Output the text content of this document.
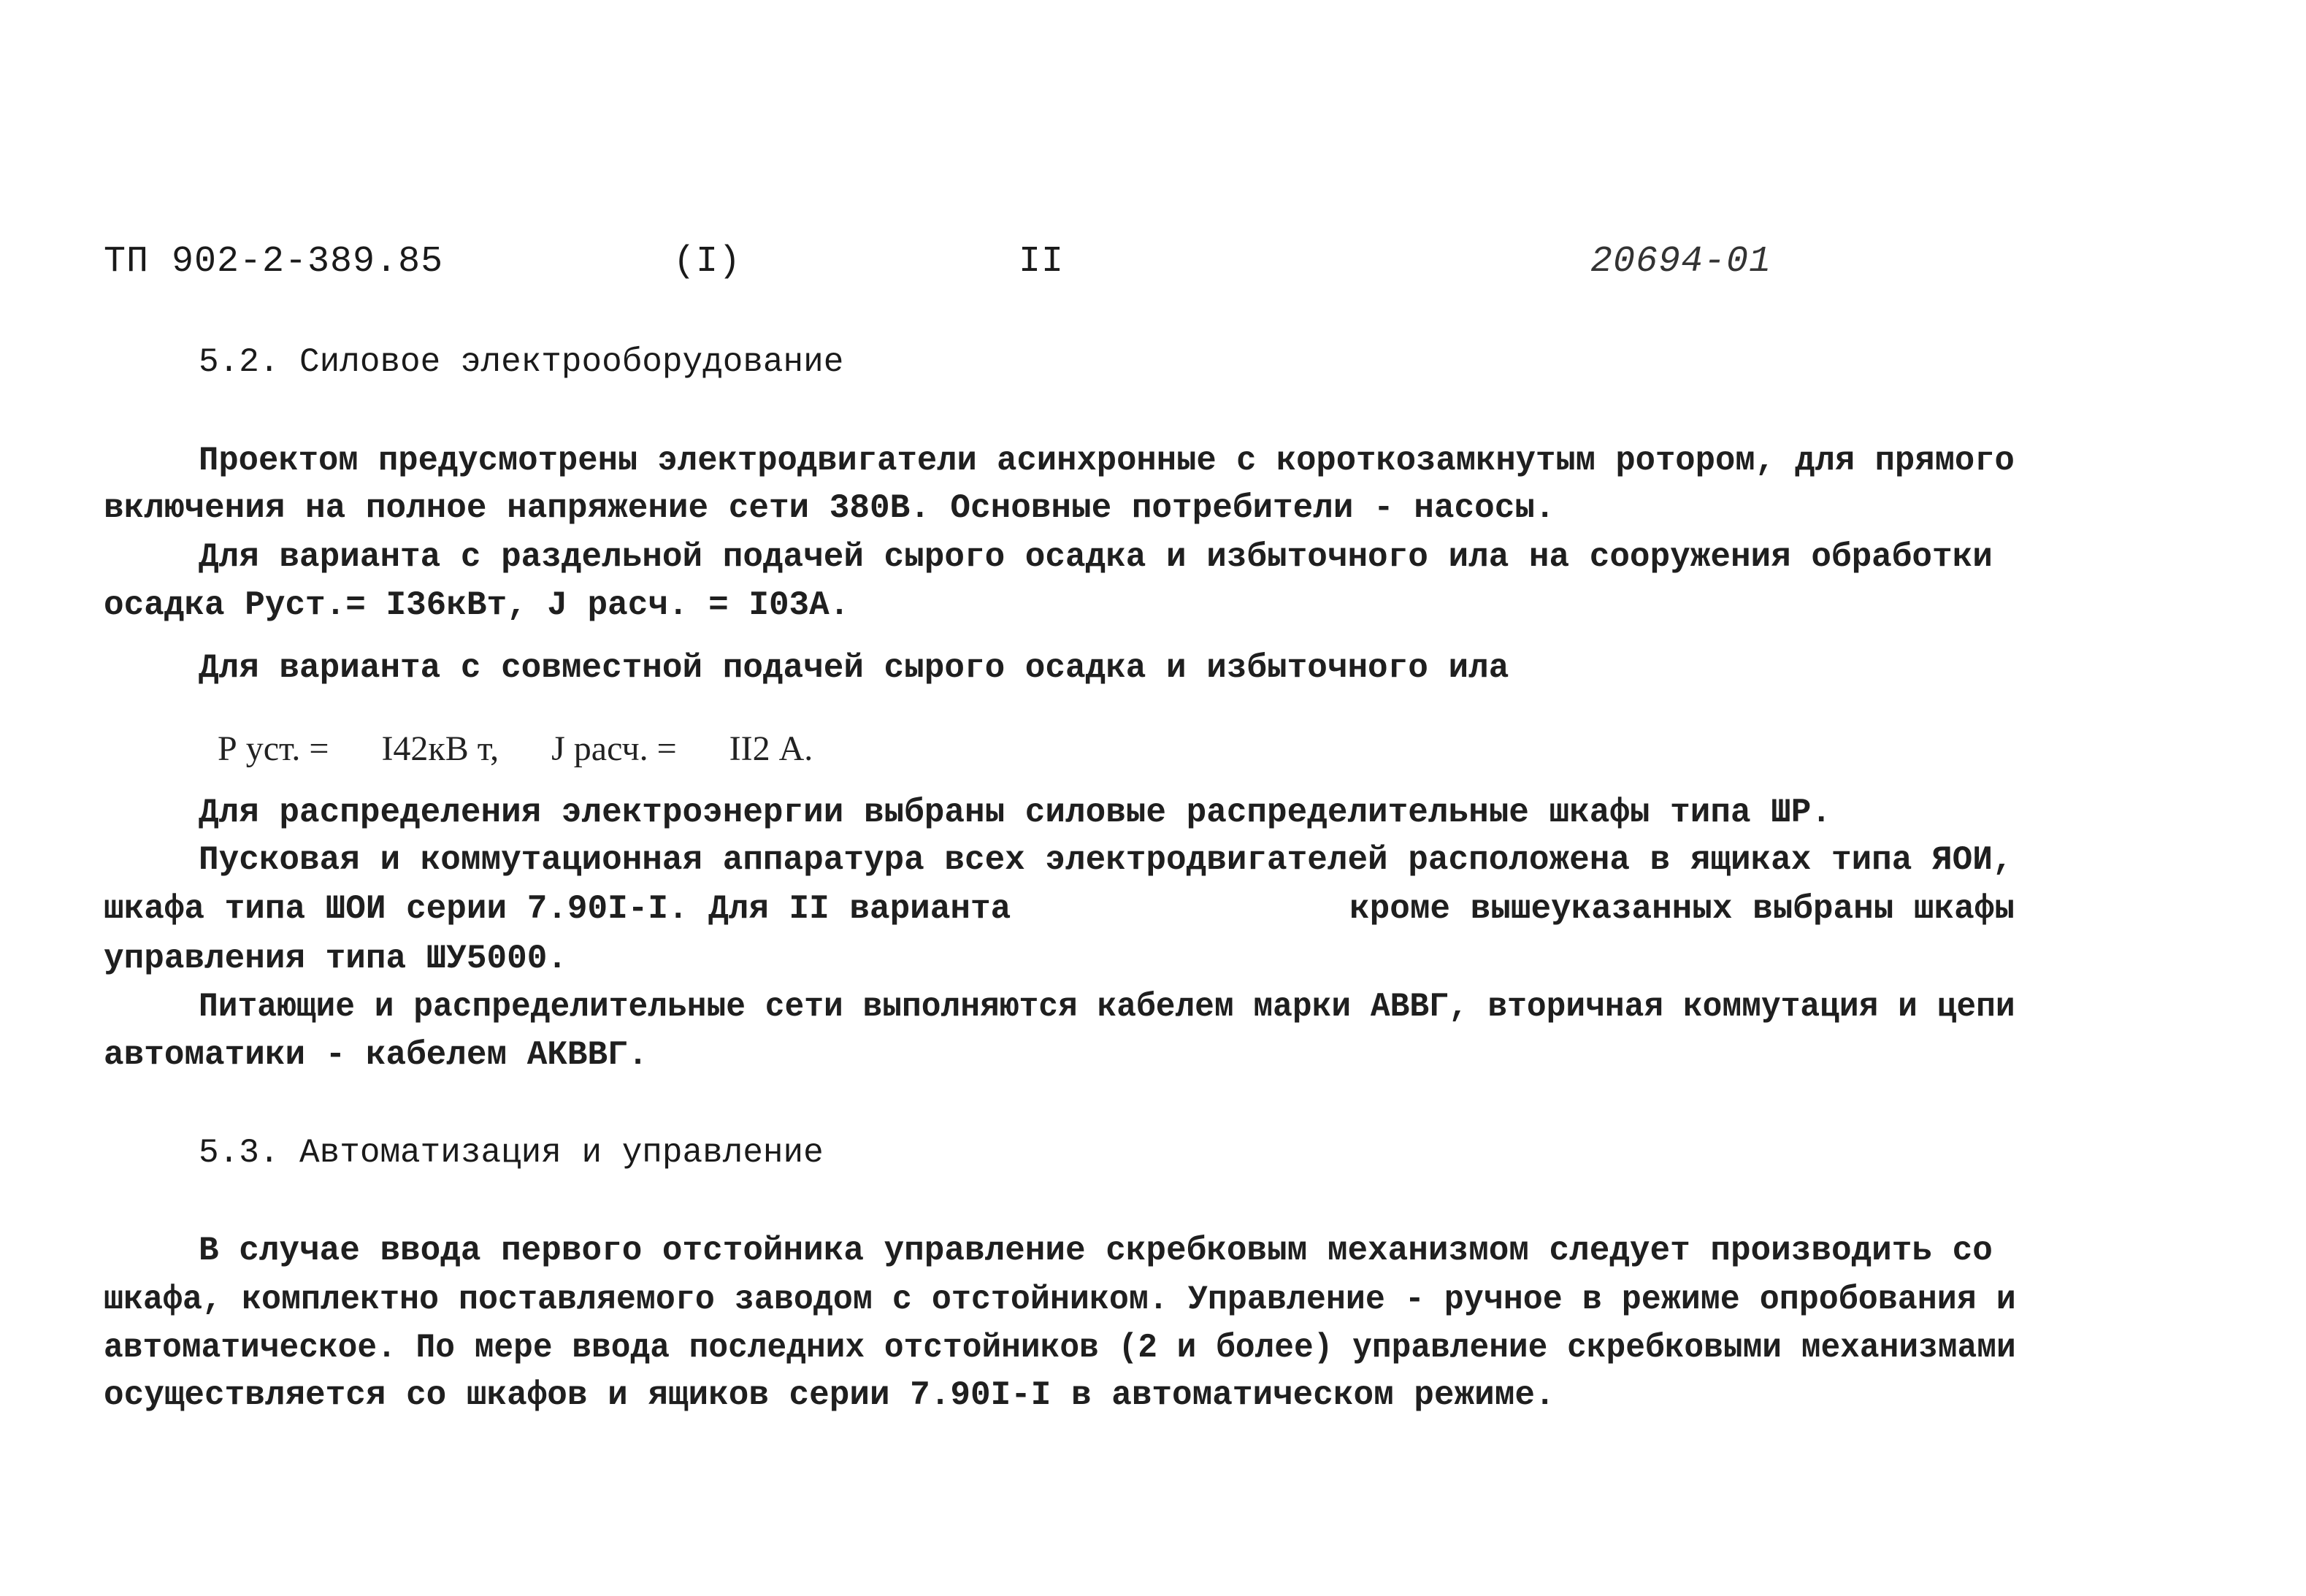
ТП 902-2-389.85	(I)	II	20694-01
5.2. Силовое электрооборудование
Проектом предусмотрены электродвигатели асинхронные с короткозамкнутым ротором, для прямого
включения на полное напряжение сети 380В. Основные потребители - насосы.
Для варианта с раздельной подачей сырого осадка и избыточного ила на сооружения обработки
осадка Руст.= I36кВт, J расч. = I03А.
Для варианта с совместной подачей сырого осадка и избыточного ила
Р уст. = I42кВ т, J расч. = II2 А.
Для распределения электроэнергии выбраны силовые распределительные шкафы типа ШР.
Пусковая и коммутационная аппаратура всех электродвигателей расположена в ящиках типа ЯОИ,
шкафа типа ШОИ серии 7.90I-I. Для II варианта	кроме вышеуказанных выбраны шкафы
управления типа ШУ5000.
Питающие и распределительные сети выполняются кабелем марки АВВГ, вторичная коммутация и цепи
автоматики - кабелем АКВВГ.
5.3. Автоматизация и управление
В случае ввода первого отстойника управление скребковым механизмом следует производить со
шкафа, комплектно поставляемого заводом с отстойником. Управление - ручное в режиме опробования и
автоматическое. По мере ввода последних отстойников (2 и более) управление скребковыми механизмами
осуществляется со шкафов и ящиков серии 7.90I-I в автоматическом режиме.
